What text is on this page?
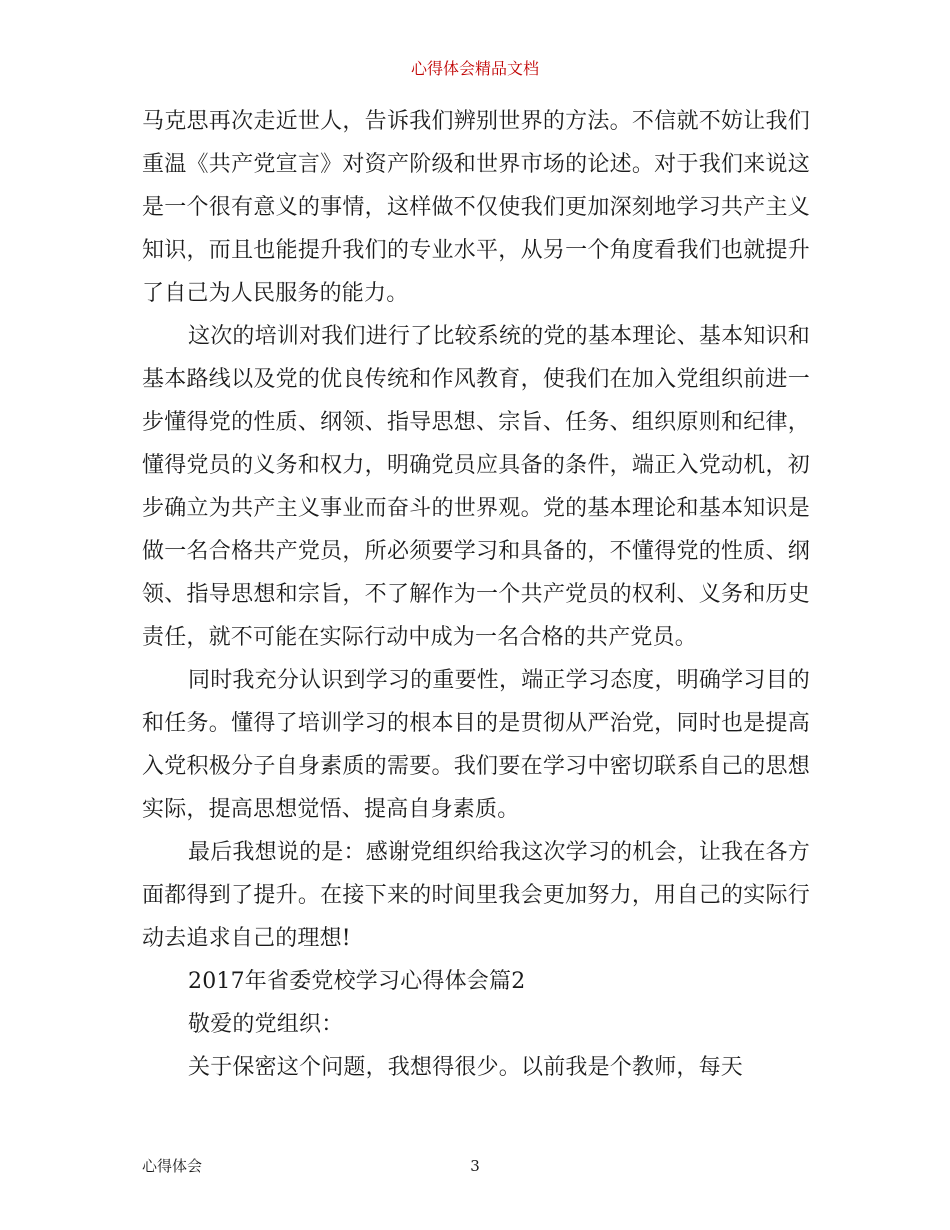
心得体会精品文档

马克思再次走近世人，告诉我们辨别世界的方法。不信就不妨让我们重温《共产党宣言》对资产阶级和世界市场的论述。对于我们来说这是一个很有意义的事情，这样做不仅使我们更加深刻地学习共产主义知识，而且也能提升我们的专业水平，从另一个角度看我们也就提升了自己为人民服务的能力。

这次的培训对我们进行了比较系统的党的基本理论、基本知识和基本路线以及党的优良传统和作风教育，使我们在加入党组织前进一步懂得党的性质、纲领、指导思想、宗旨、任务、组织原则和纪律，懂得党员的义务和权力，明确党员应具备的条件，端正入党动机，初步确立为共产主义事业而奋斗的世界观。党的基本理论和基本知识是做一名合格共产党员，所必须要学习和具备的，不懂得党的性质、纲领、指导思想和宗旨，不了解作为一个共产党员的权利、义务和历史责任，就不可能在实际行动中成为一名合格的共产党员。

同时我充分认识到学习的重要性，端正学习态度，明确学习目的和任务。懂得了培训学习的根本目的是贯彻从严治党，同时也是提高入党积极分子自身素质的需要。我们要在学习中密切联系自己的思想实际，提高思想觉悟、提高自身素质。

最后我想说的是：感谢党组织给我这次学习的机会，让我在各方面都得到了提升。在接下来的时间里我会更加努力，用自己的实际行动去追求自己的理想!

2017年省委党校学习心得体会篇2

敬爱的党组织：

关于保密这个问题，我想得很少。以前我是个教师，每天

心得体会	3
